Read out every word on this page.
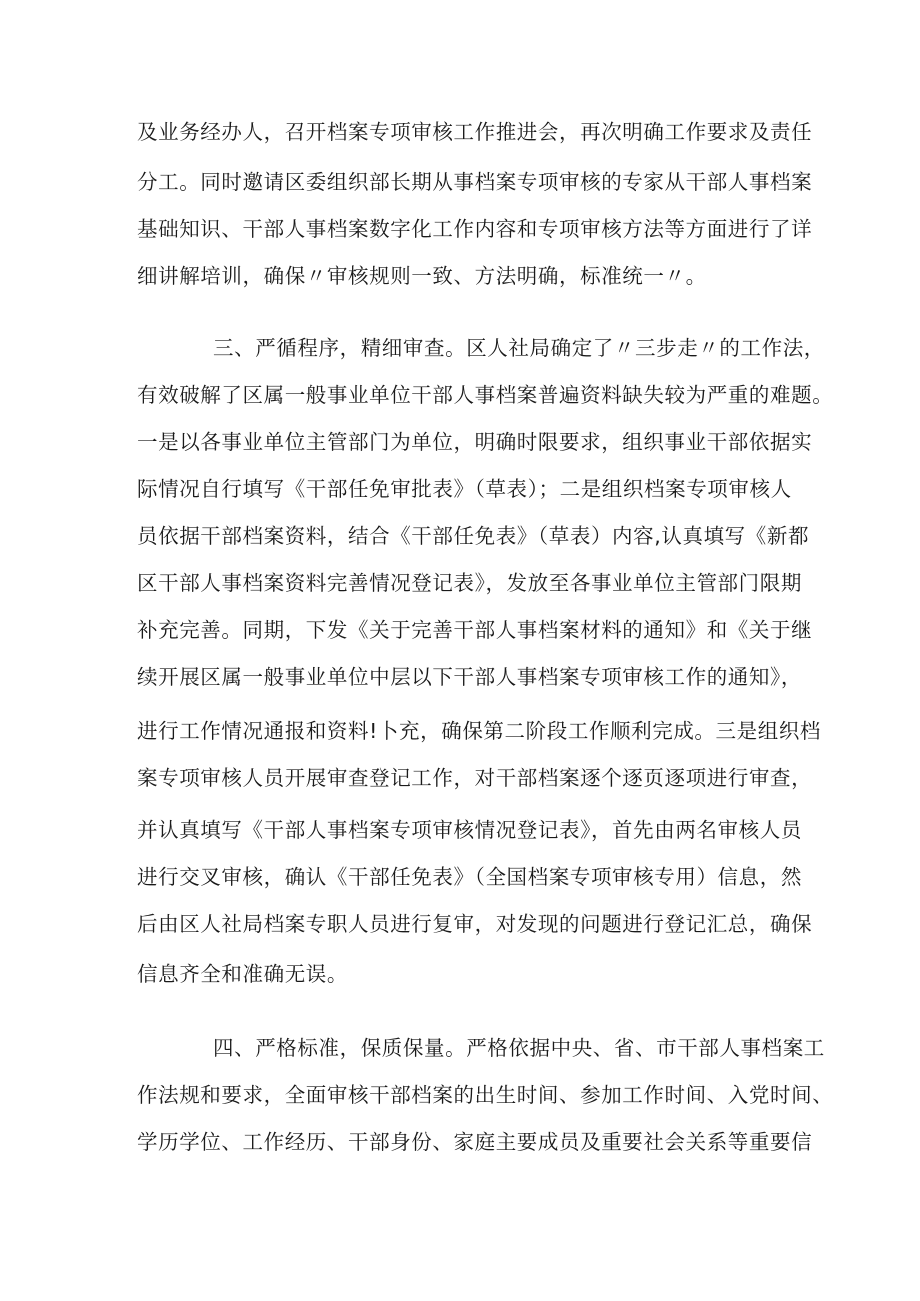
及业务经办人，召开档案专项审核工作推进会，再次明确工作要求及责任
分工。同时邀请区委组织部长期从事档案专项审核的专家从干部人事档案
基础知识、干部人事档案数字化工作内容和专项审核方法等方面进行了详
细讲解培训，确保〃审核规则一致、方法明确，标准统一〃。
三、严循程序，精细审查。区人社局确定了〃三步走〃的工作法，
有效破解了区属一般事业单位干部人事档案普遍资料缺失较为严重的难题。
一是以各事业单位主管部门为单位，明确时限要求，组织事业干部依据实
际情况自行填写《干部任免审批表》（草表）；二是组织档案专项审核人
员依据干部档案资料，结合《干部任免表》（草表）内容,认真填写《新都
区干部人事档案资料完善情况登记表》，发放至各事业单位主管部门限期
补充完善。同期，下发《关于完善干部人事档案材料的通知》和《关于继
续开展区属一般事业单位中层以下干部人事档案专项审核工作的通知》，
进行工作情况通报和资料!卜充，确保第二阶段工作顺利完成。三是组织档
案专项审核人员开展审查登记工作，对干部档案逐个逐页逐项进行审查，
并认真填写《干部人事档案专项审核情况登记表》，首先由两名审核人员
进行交叉审核，确认《干部任免表》（全国档案专项审核专用）信息，然
后由区人社局档案专职人员进行复审，对发现的问题进行登记汇总，确保
信息齐全和准确无误。
四、严格标准，保质保量。严格依据中央、省、市干部人事档案工
作法规和要求，全面审核干部档案的出生时间、参加工作时间、入党时间、
学历学位、工作经历、干部身份、家庭主要成员及重要社会关系等重要信
